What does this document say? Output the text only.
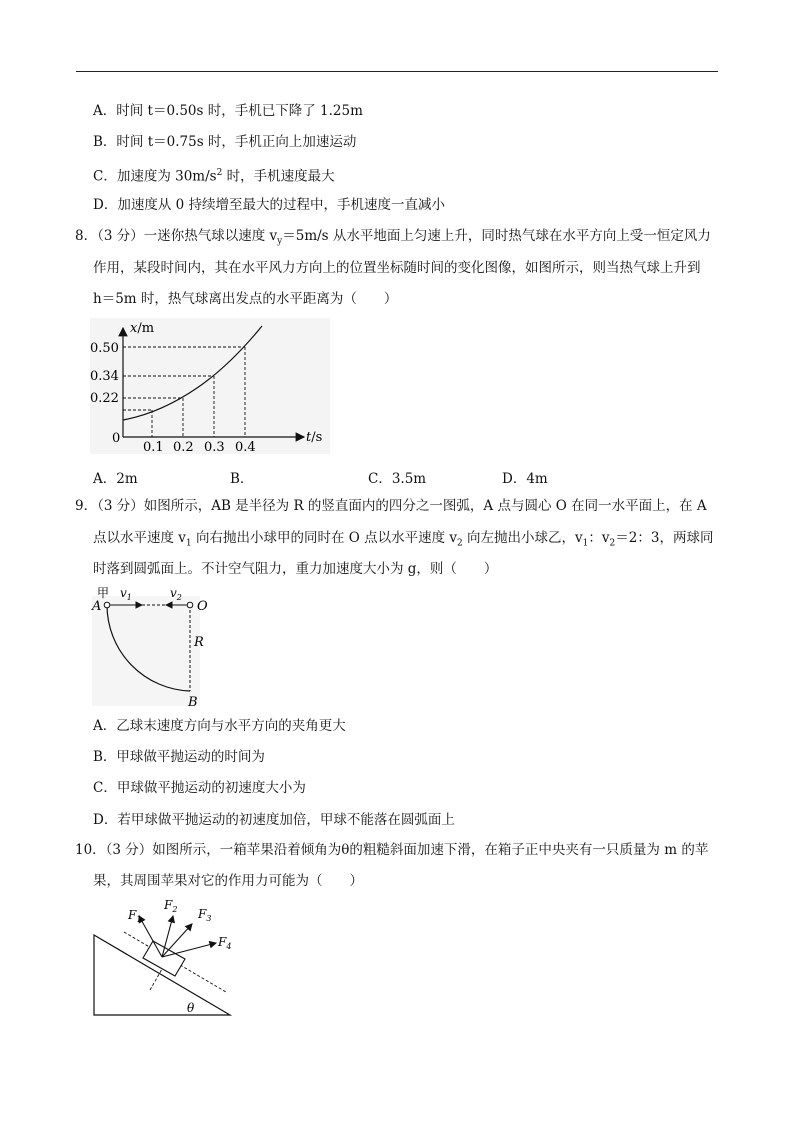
A．时间 t＝0.50s 时，手机已下降了 1.25m
B．时间 t＝0.75s 时，手机正向上加速运动
C．加速度为 $30m/s^2$ 时，手机速度最大
D．加速度从 0 持续增至最大的过程中，手机速度一直减小
8．（3 分）一迷你热气球以速度 $v_y=5m/s$ 从水平地面上匀速上升，同时热气球在水平方向上受一恒定风力
作用，某段时间内，其在水平风力方向上的位置坐标随时间的变化图像，如图所示，则当热气球上升到
h＝5m 时，热气球离出发点的水平距离为（　　）
x/m
t/s
0
0.50
0.34
0.22
0.1 0.2 0.3 0.4
A．2m	B．	C．3.5m	D．4m
9．（3 分）如图所示，AB 是半径为 R 的竖直面内的四分之一图弧，A 点与圆心 O 在同一水平面上，在 A
点以水平速度 $v_1$ 向右抛出小球甲的同时在 O 点以水平速度 $v_2$ 向左抛出小球乙，$v_1$：$v_2=2$：3，两球同
时落到圆弧面上。不计空气阻力，重力加速度大小为 g，则（　　）
甲 $v_1$	$v_2$
A	O
R
B
A．乙球末速度方向与水平方向的夹角更大
B．甲球做平抛运动的时间为
C．甲球做平抛运动的初速度大小为
D．若甲球做平抛运动的初速度加倍，甲球不能落在圆弧面上
10．（3 分）如图所示，一箱苹果沿着倾角为θ的粗糙斜面加速下滑，在箱子正中央夹有一只质量为 m 的苹
果，其周围苹果对它的作用力可能为（　　）
$F_1$
$F_2$ $F_3$
$F_4$
θ
